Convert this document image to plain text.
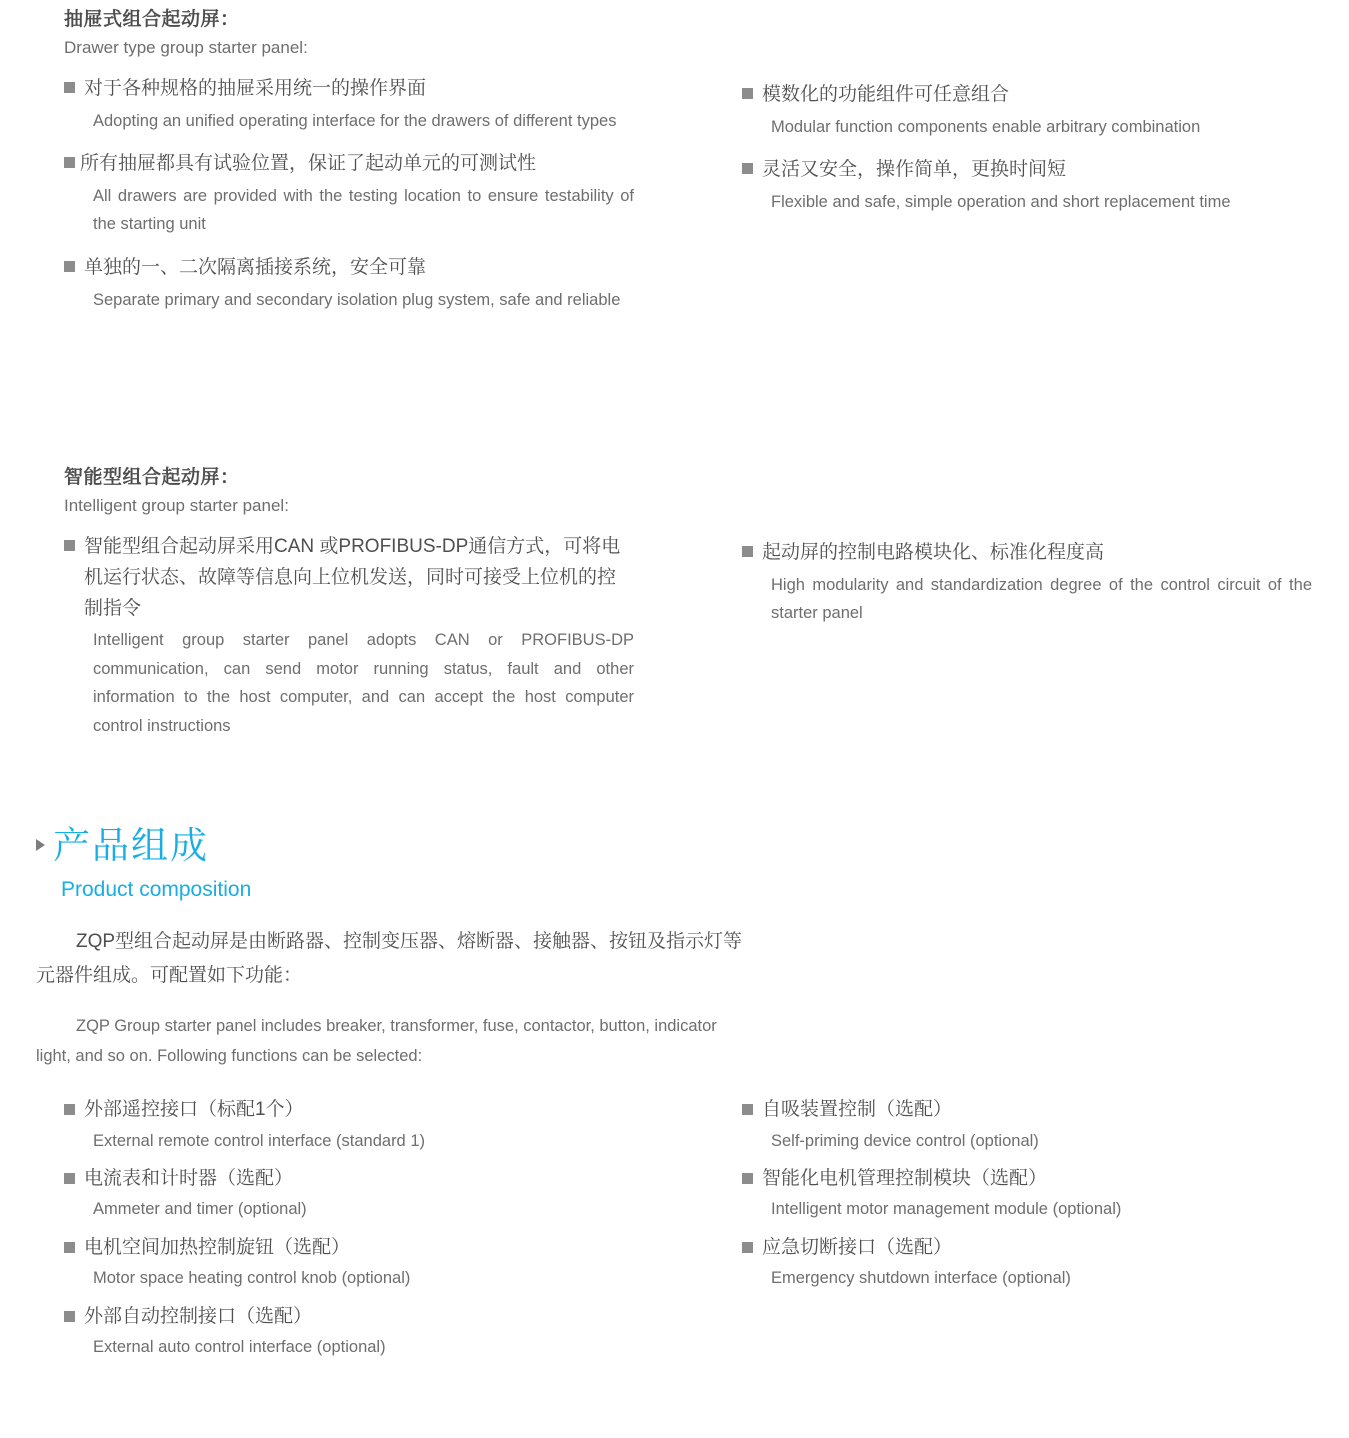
抽屉式组合起动屏：
Drawer type group starter panel:
对于各种规格的抽屉采用统一的操作界面
Adopting an unified operating interface for the drawers of different types
所有抽屉都具有试验位置，保证了起动单元的可测试性
All drawers are provided with the testing location to ensure testability of the starting unit
单独的一、二次隔离插接系统，安全可靠
Separate primary and secondary isolation plug system, safe and reliable
模数化的功能组件可任意组合
Modular function components enable arbitrary combination
灵活又安全，操作简单，更换时间短
Flexible and safe, simple operation and short replacement time
智能型组合起动屏：
Intelligent group starter panel:
智能型组合起动屏采用CAN 或PROFIBUS-DP通信方式，可将电机运行状态、故障等信息向上位机发送，同时可接受上位机的控制指令
Intelligent group starter panel adopts CAN or PROFIBUS-DP communication, can send motor running status, fault and other information to the host computer, and can accept the host computer control instructions
起动屏的控制电路模块化、标准化程度高
High modularity and standardization degree of the control circuit of the starter panel
产品组成
Product composition
ZQP型组合起动屏是由断路器、控制变压器、熔断器、接触器、按钮及指示灯等
元器件组成。可配置如下功能：
ZQP Group starter panel includes breaker, transformer, fuse, contactor, button, indicator
light, and so on. Following functions can be selected:
外部遥控接口（标配1个）
External remote control interface (standard 1)
电流表和计时器（选配）
Ammeter and timer (optional)
电机空间加热控制旋钮（选配）
Motor space heating control knob (optional)
外部自动控制接口（选配）
External auto control interface (optional)
自吸装置控制（选配）
Self-priming device control (optional)
智能化电机管理控制模块（选配）
Intelligent motor management module (optional)
应急切断接口（选配）
Emergency shutdown interface (optional)
